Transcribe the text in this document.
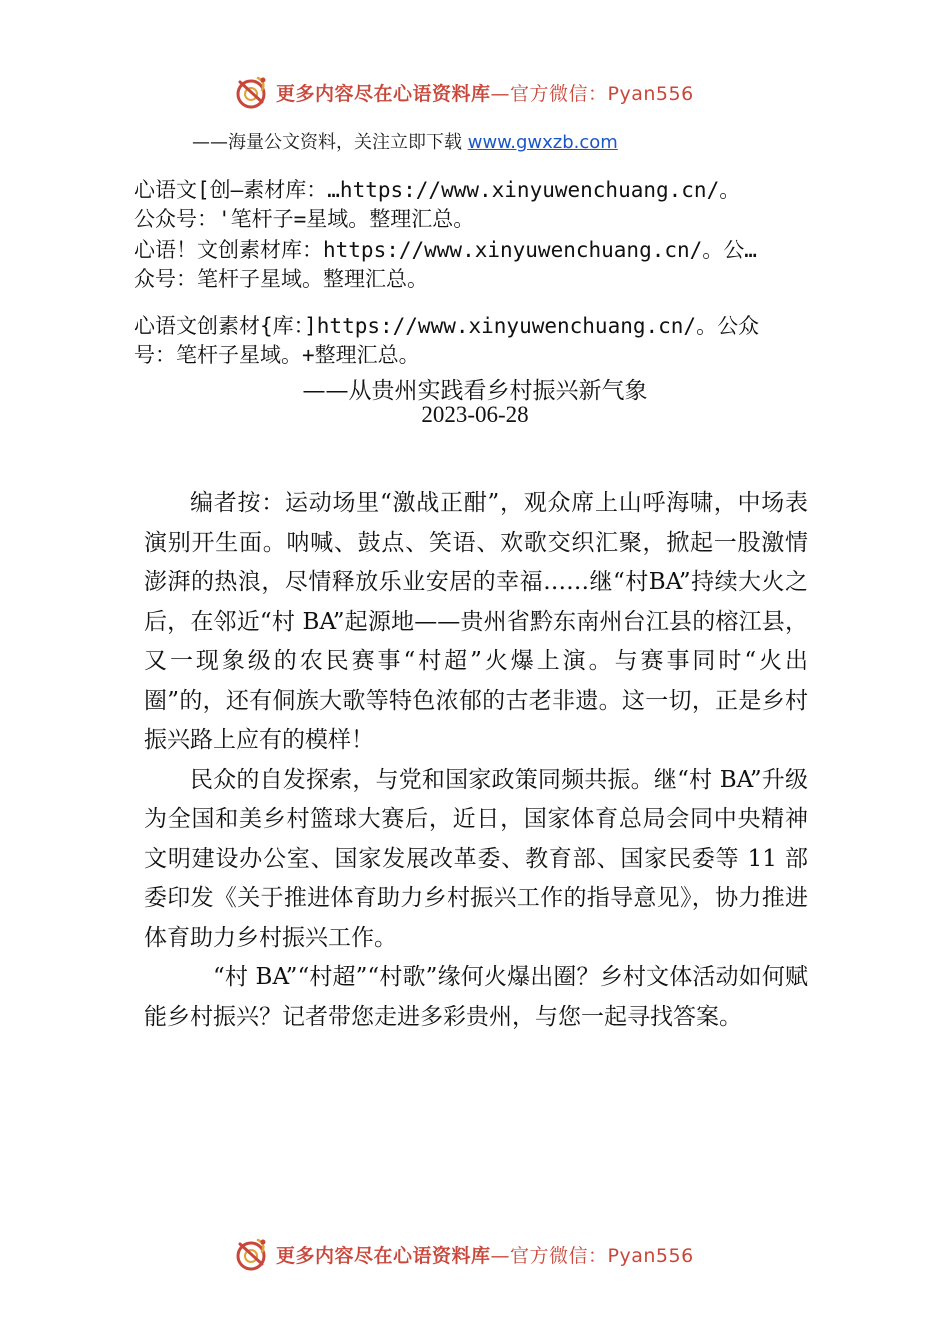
更多内容尽在心语资料库—官方微信：Pyan556
——海量公文资料，关注立即下载 www.gwxzb.com
心语文[创—素材库：…https://www.xinyuwenchuang.cn/。
公众号：'笔杆子=星域。整理汇总。
心语！文创素材库：https://www.xinyuwenchuang.cn/。公…
众号：笔杆子星域。整理汇总。
心语文创素材{库：]https://www.xinyuwenchuang.cn/。公众
号：笔杆子星域。+整理汇总。
——从贵州实践看乡村振兴新气象
2023-06-28

编者按：运动场里“激战正酣”，观众席上山呼海啸，中场表演别开生面。呐喊、鼓点、笑语、欢歌交织汇聚，掀起一股激情澎湃的热浪，尽情释放乐业安居的幸福……继“村BA”持续大火之后，在邻近“村 BA”起源地——贵州省黔东南州台江县的榕江县，又一现象级的农民赛事“村超”火爆上演。与赛事同时“火出圈”的，还有侗族大歌等特色浓郁的古老非遗。这一切，正是乡村振兴路上应有的模样！

民众的自发探索，与党和国家政策同频共振。继“村 BA”升级为全国和美乡村篮球大赛后，近日，国家体育总局会同中央精神文明建设办公室、国家发展改革委、教育部、国家民委等 11 部委印发《关于推进体育助力乡村振兴工作的指导意见》，协力推进体育助力乡村振兴工作。

“村 BA”“村超”“村歌”缘何火爆出圈？乡村文体活动如何赋能乡村振兴？记者带您走进多彩贵州，与您一起寻找答案。

更多内容尽在心语资料库—官方微信：Pyan556
